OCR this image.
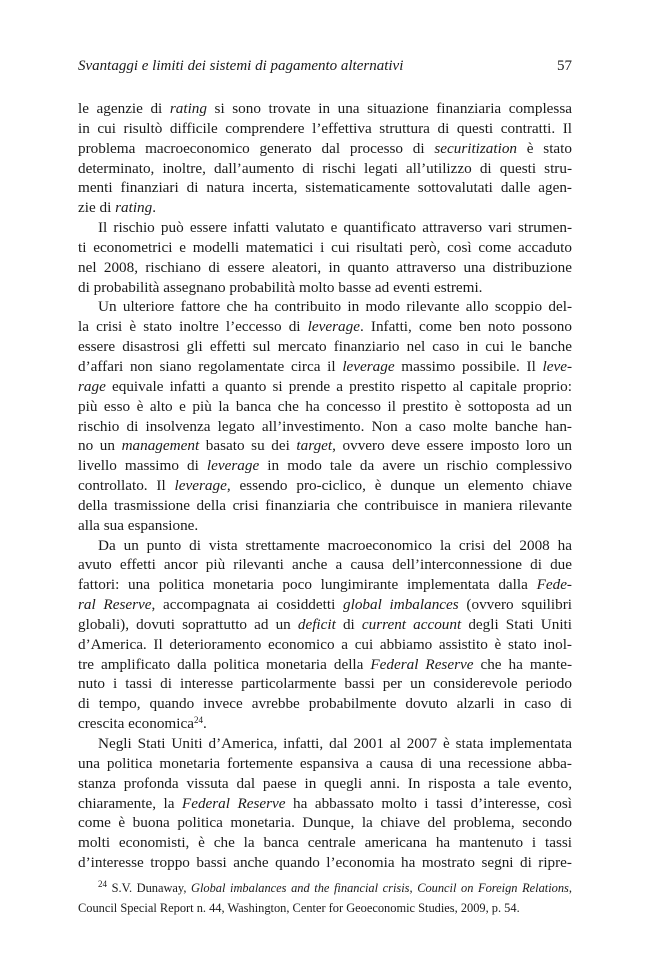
Svantaggi e limiti dei sistemi di pagamento alternativi	57
le agenzie di rating si sono trovate in una situazione finanziaria complessa
in cui risultò difficile comprendere l’effettiva struttura di questi contratti. Il
problema macroeconomico generato dal processo di securitization è stato
determinato, inoltre, dall’aumento di rischi legati all’utilizzo di questi stru-
menti finanziari di natura incerta, sistematicamente sottovalutati dalle agen-
zie di rating.
Il rischio può essere infatti valutato e quantificato attraverso vari strumen-
ti econometrici e modelli matematici i cui risultati però, così come accaduto
nel 2008, rischiano di essere aleatori, in quanto attraverso una distribuzione
di probabilità assegnano probabilità molto basse ad eventi estremi.
Un ulteriore fattore che ha contribuito in modo rilevante allo scoppio del-
la crisi è stato inoltre l’eccesso di leverage. Infatti, come ben noto possono
essere disastrosi gli effetti sul mercato finanziario nel caso in cui le banche
d’affari non siano regolamentate circa il leverage massimo possibile. Il leve-
rage equivale infatti a quanto si prende a prestito rispetto al capitale proprio:
più esso è alto e più la banca che ha concesso il prestito è sottoposta ad un
rischio di insolvenza legato all’investimento. Non a caso molte banche han-
no un management basato su dei target, ovvero deve essere imposto loro un
livello massimo di leverage in modo tale da avere un rischio complessivo
controllato. Il leverage, essendo pro-ciclico, è dunque un elemento chiave
della trasmissione della crisi finanziaria che contribuisce in maniera rilevante
alla sua espansione.
Da un punto di vista strettamente macroeconomico la crisi del 2008 ha
avuto effetti ancor più rilevanti anche a causa dell’interconnessione di due
fattori: una politica monetaria poco lungimirante implementata dalla Fede-
ral Reserve, accompagnata ai cosiddetti global imbalances (ovvero squilibri
globali), dovuti soprattutto ad un deficit di current account degli Stati Uniti
d’America. Il deterioramento economico a cui abbiamo assistito è stato inol-
tre amplificato dalla politica monetaria della Federal Reserve che ha mante-
nuto i tassi di interesse particolarmente bassi per un considerevole periodo
di tempo, quando invece avrebbe probabilmente dovuto alzarli in caso di
crescita economica$^{24}$.
Negli Stati Uniti d’America, infatti, dal 2001 al 2007 è stata implementata
una politica monetaria fortemente espansiva a causa di una recessione abba-
stanza profonda vissuta dal paese in quegli anni. In risposta a tale evento,
chiaramente, la Federal Reserve ha abbassato molto i tassi d’interesse, così
come è buona politica monetaria. Dunque, la chiave del problema, secondo
molti economisti, è che la banca centrale americana ha mantenuto i tassi
d’interesse troppo bassi anche quando l’economia ha mostrato segni di ripre-
$^{24}$ S.V. Dunaway, Global imbalances and the financial crisis, Council on Foreign Relations,
Council Special Report n. 44, Washington, Center for Geoeconomic Studies, 2009, p. 54.
